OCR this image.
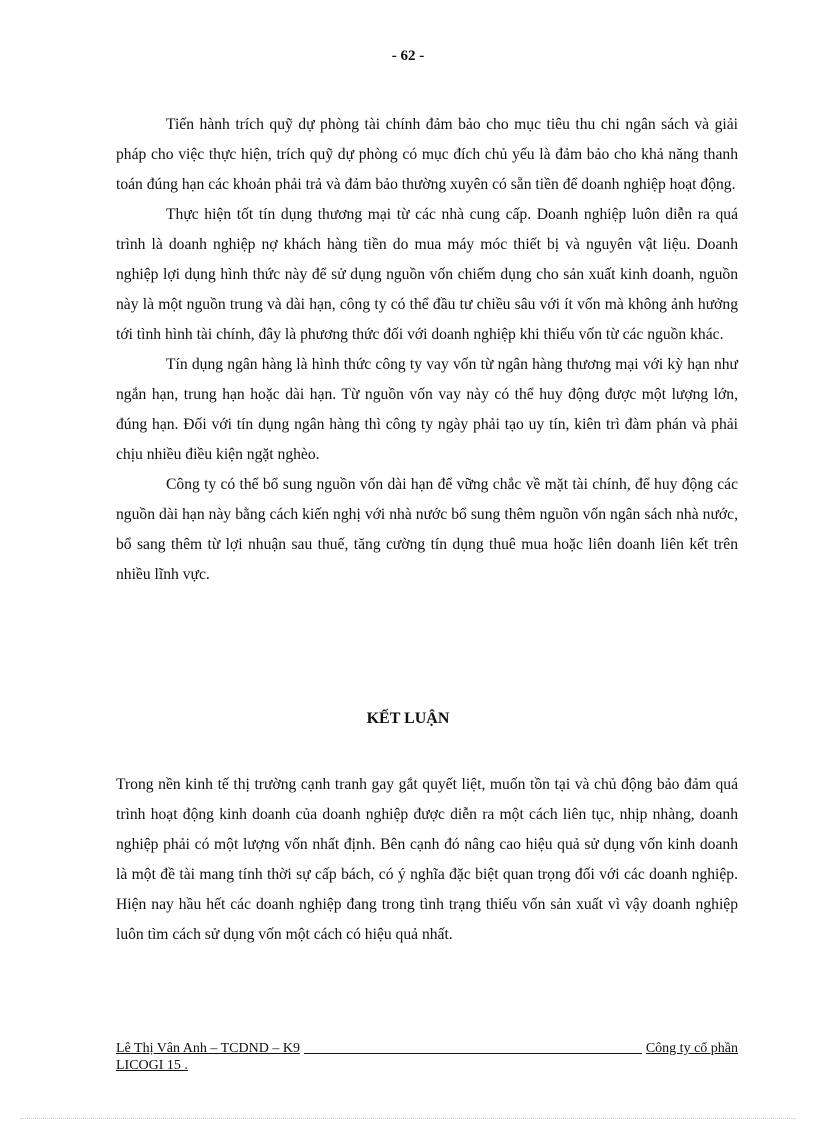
- 62 -

Tiến hành trích quỹ dự phòng tài chính đảm bảo cho mục tiêu thu chi ngân sách và giải pháp cho việc thực hiện, trích quỹ dự phòng có mục đích chủ yếu là đảm bảo cho khả năng thanh toán đúng hạn các khoản phải trả và đảm bảo thường xuyên có sẵn tiền để doanh nghiệp hoạt động.

Thực hiện tốt tín dụng thương mại từ các nhà cung cấp. Doanh nghiệp luôn diễn ra quá trình là doanh nghiệp nợ khách hàng tiền do mua máy móc thiết bị và nguyên vật liệu. Doanh nghiệp lợi dụng hình thức này để sử dụng nguồn vốn chiếm dụng cho sản xuất kinh doanh, nguồn này là một nguồn trung và dài hạn, công ty có thể đầu tư chiều sâu với ít vốn mà không ảnh hưởng tới tình hình tài chính, đây là phương thức đối với doanh nghiệp khi thiếu vốn từ các nguồn khác.

Tín dụng ngân hàng là hình thức công ty vay vốn từ ngân hàng thương mại với kỳ hạn như ngắn hạn, trung hạn hoặc dài hạn. Từ nguồn vốn vay này có thể huy động được một lượng lớn, đúng hạn. Đối với tín dụng ngân hàng thì công ty ngày phải tạo uy tín, kiên trì đàm phán và phải chịu nhiều điều kiện ngặt nghèo.

Công ty có thể bổ sung nguồn vốn dài hạn để vững chắc về mặt tài chính, để huy động các nguồn dài hạn này bằng cách kiến nghị với nhà nước bổ sung thêm nguồn vốn ngân sách nhà nước, bổ sang thêm từ lợi nhuận sau thuế, tăng cường tín dụng thuê mua hoặc liên doanh liên kết trên nhiều lĩnh vực.

KẾT LUẬN

Trong nền kinh tế thị trường cạnh tranh gay gắt quyết liệt, muốn tồn tại và chủ động bảo đảm quá trình hoạt động kinh doanh của doanh nghiệp được diễn ra một cách liên tục, nhịp nhàng, doanh nghiệp phải có một lượng vốn nhất định. Bên cạnh đó nâng cao hiệu quả sử dụng vốn kinh doanh là một đề tài mang tính thời sự cấp bách, có ý nghĩa đặc biệt quan trọng đối với các doanh nghiệp. Hiện nay hầu hết các doanh nghiệp đang trong tình trạng thiếu vốn sản xuất vì vậy doanh nghiệp luôn tìm cách sử dụng vốn một cách có hiệu quả nhất.

Lê Thị Vân Anh – TCDND – K9	Công ty cổ phần
LICOGI 15 .
